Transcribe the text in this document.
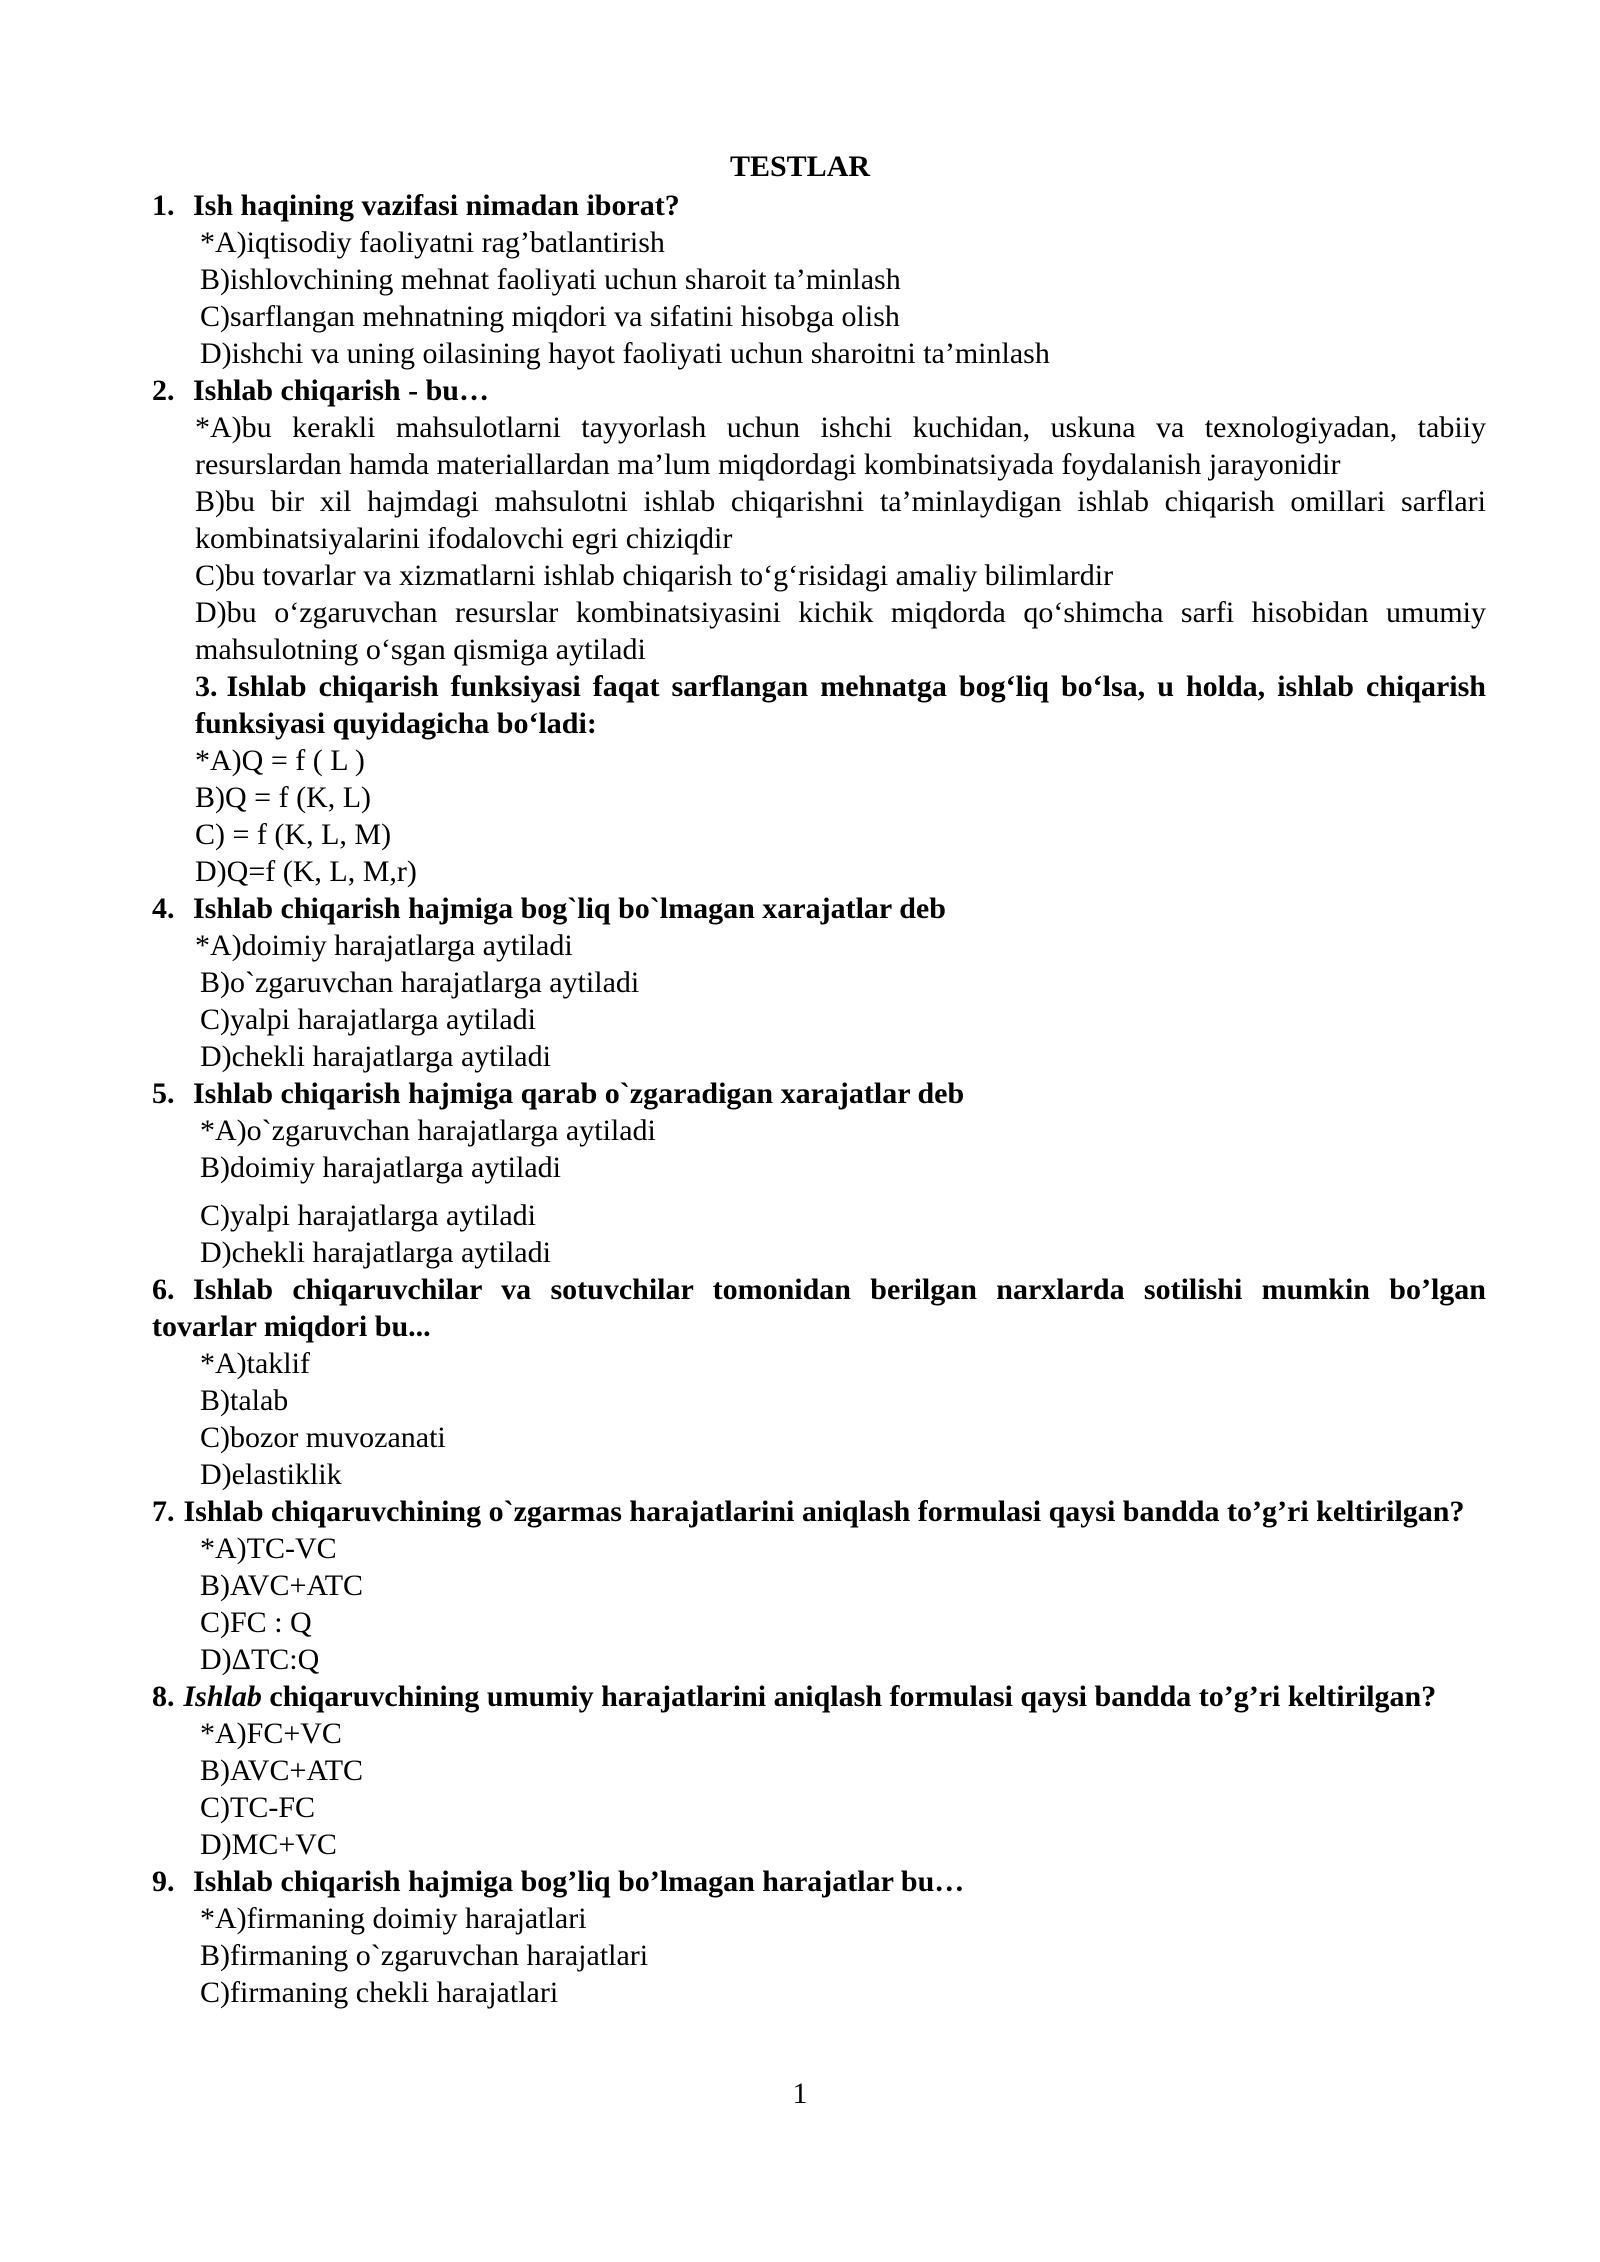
TESTLAR
1. Ish haqining vazifasi nimadan iborat?
*A)iqtisodiy faoliyatni rag’batlantirish
B)ishlovchining mehnat faoliyati uchun sharoit ta’minlash
C)sarflangan mehnatning miqdori va sifatini hisobga olish
D)ishchi va uning oilasining hayot faoliyati uchun sharoitni ta’minlash
2. Ishlab chiqarish - bu…
*A)bu kerakli mahsulotlarni tayyorlash uchun ishchi kuchidan, uskuna va texnologiyadan, tabiiy resurslardan hamda materiallardan ma’lum miqdordagi kombinatsiyada foydalanish jarayonidir
B)bu bir xil hajmdagi mahsulotni ishlab chiqarishni ta’minlaydigan ishlab chiqarish omillari sarflari kombinatsiyalarini ifodalovchi egri chiziqdir
C)bu tovarlar va xizmatlarni ishlab chiqarish to‘g‘risidagi amaliy bilimlardir
D)bu o‘zgaruvchan resurslar kombinatsiyasini kichik miqdorda qo‘shimcha sarfi hisobidan umumiy mahsulotning o‘sgan qismiga aytiladi
3. Ishlab chiqarish funksiyasi faqat sarflangan mehnatga bog‘liq bo‘lsa, u holda, ishlab chiqarish funksiyasi quyidagicha bo‘ladi:
*A)Q = f ( L )
B)Q = f (K, L)
C) = f (K, L, M)
D)Q=f (K, L, M,r)
4. Ishlab chiqarish hajmiga bog`liq bo`lmagan xarajatlar deb
*A)doimiy harajatlarga aytiladi
B)o`zgaruvchan harajatlarga aytiladi
C)yalpi harajatlarga aytiladi
D)chekli harajatlarga aytiladi
5. Ishlab chiqarish hajmiga qarab o`zgaradigan xarajatlar deb
*A)o`zgaruvchan harajatlarga aytiladi
B)doimiy harajatlarga aytiladi
C)yalpi harajatlarga aytiladi
D)chekli harajatlarga aytiladi
6. Ishlab chiqaruvchilar va sotuvchilar tomonidan berilgan narxlarda sotilishi mumkin bo’lgan tovarlar miqdori bu...
*A)taklif
B)talab
C)bozor muvozanati
D)elastiklik
7. Ishlab chiqaruvchining o`zgarmas harajatlarini aniqlash formulasi qaysi bandda to’g’ri keltirilgan?
*A)TC-VC
B)AVC+ATC
C)FC : Q
D)ΔTC:Q
8. Ishlab chiqaruvchining umumiy harajatlarini aniqlash formulasi qaysi bandda to’g’ri keltirilgan?
*A)FC+VC
B)AVC+ATC
C)TC-FC
D)MC+VC
9. Ishlab chiqarish hajmiga bog’liq bo’lmagan harajatlar bu…
*A)firmaning doimiy harajatlari
B)firmaning o`zgaruvchan harajatlari
C)firmaning chekli harajatlari
1
